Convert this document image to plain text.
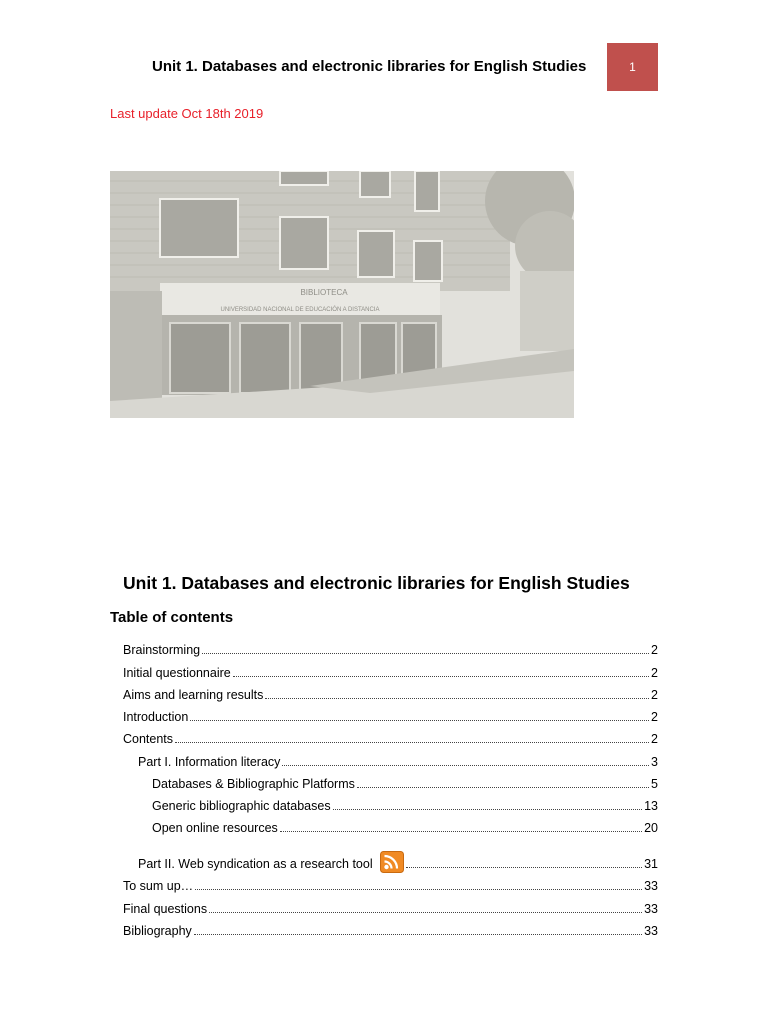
Unit 1. Databases and electronic libraries for English Studies	1
Last update Oct 18th 2019
BIBLIOTECA
UNIVERSIDAD NACIONAL DE EDUCACIÓN A DISTANCIA
Unit 1. Databases and electronic libraries for English Studies
Table of contents
Brainstorming	2
Initial questionnaire	2
Aims and learning results	2
Introduction	2
Contents	2
Part I. Information literacy	3
Databases & Bibliographic Platforms	5
Generic bibliographic databases	13
Open online resources	20
Part II. Web syndication as a research tool	31
To sum up…	33
Final questions	33
Bibliography	33
